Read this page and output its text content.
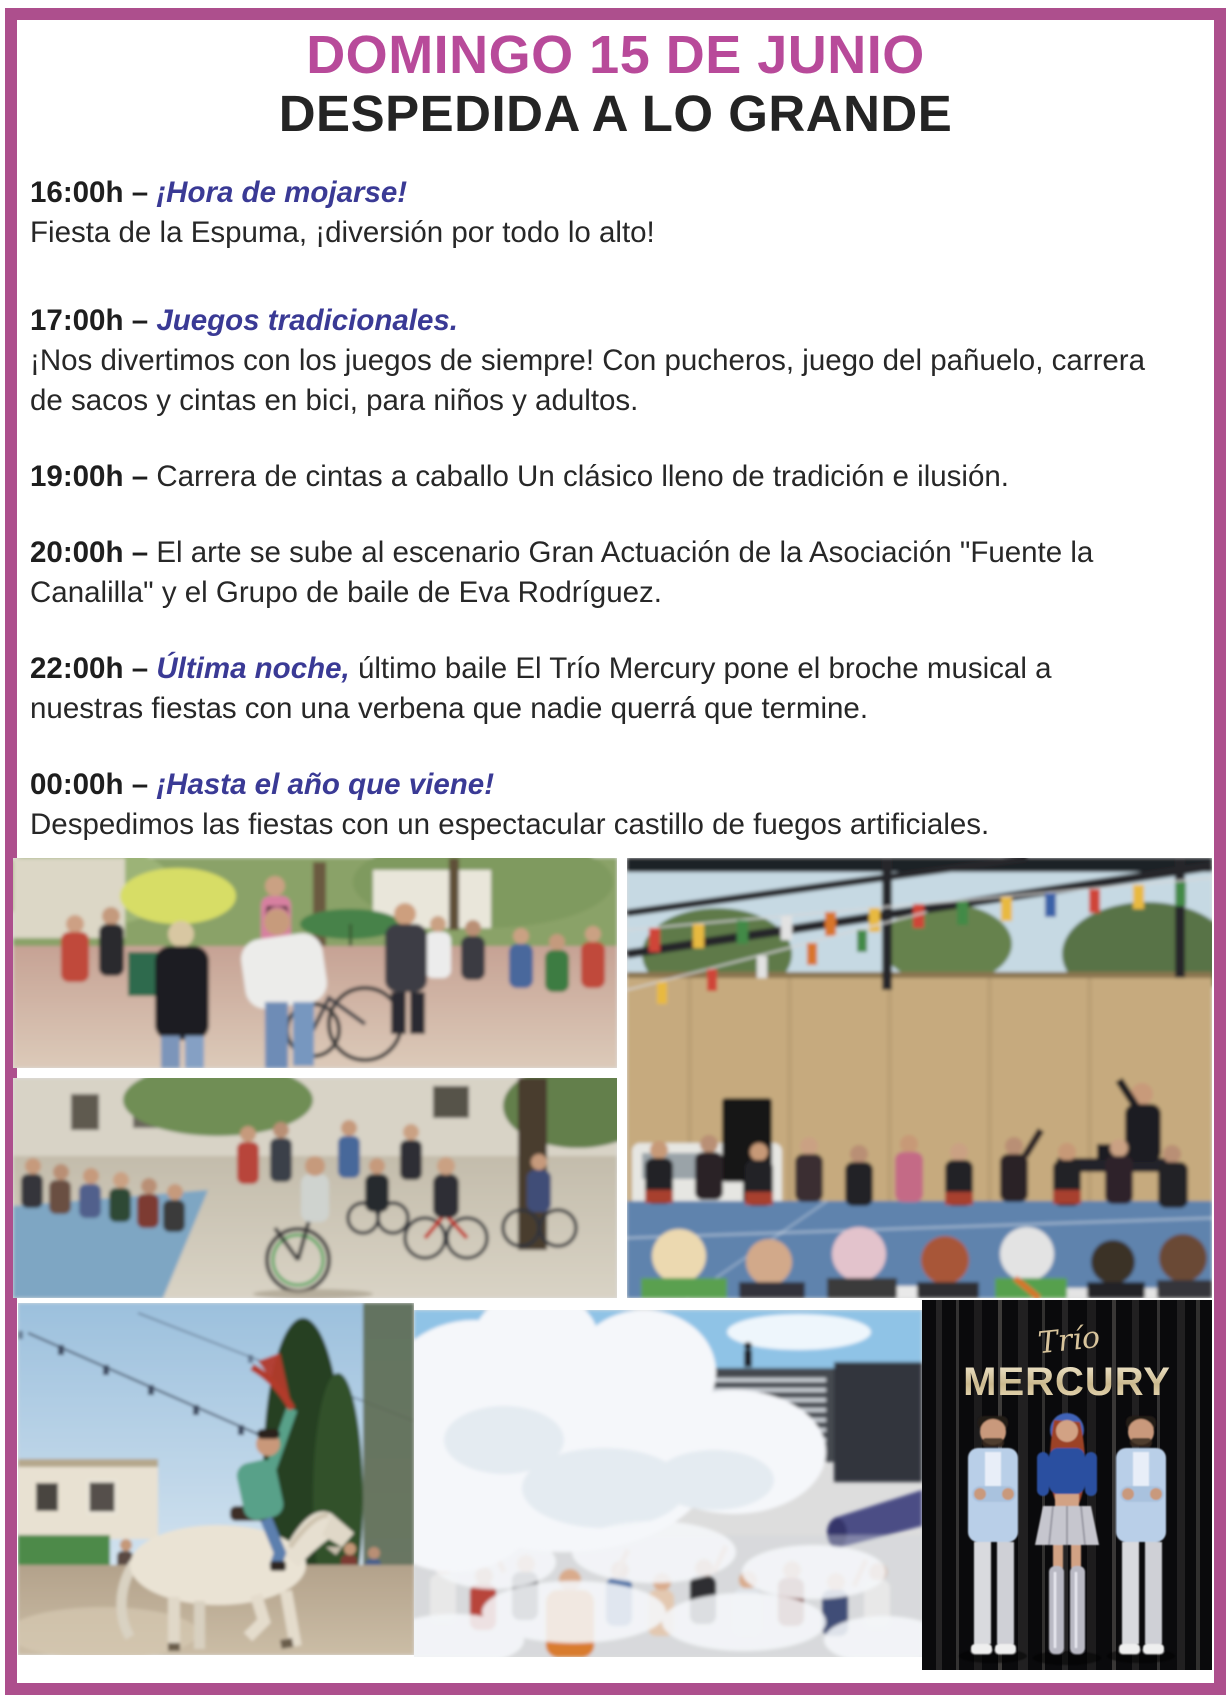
DOMINGO 15 DE JUNIO
DESPEDIDA A LO GRANDE

16:00h – ¡Hora de mojarse!
Fiesta de la Espuma, ¡diversión por todo lo alto!

17:00h – Juegos tradicionales.
¡Nos divertimos con los juegos de siempre! Con pucheros, juego del pañuelo, carrera de sacos y cintas en bici, para niños y adultos.

19:00h – Carrera de cintas a caballo Un clásico lleno de tradición e ilusión.

20:00h – El arte se sube al escenario Gran Actuación de la Asociación "Fuente la Canalilla" y el Grupo de baile de Eva Rodríguez.

22:00h – Última noche, último baile El Trío Mercury pone el broche musical a nuestras fiestas con una verbena que nadie querrá que termine.

00:00h – ¡Hasta el año que viene!
Despedimos las fiestas con un espectacular castillo de fuegos artificiales.

Trío
MERCURY
